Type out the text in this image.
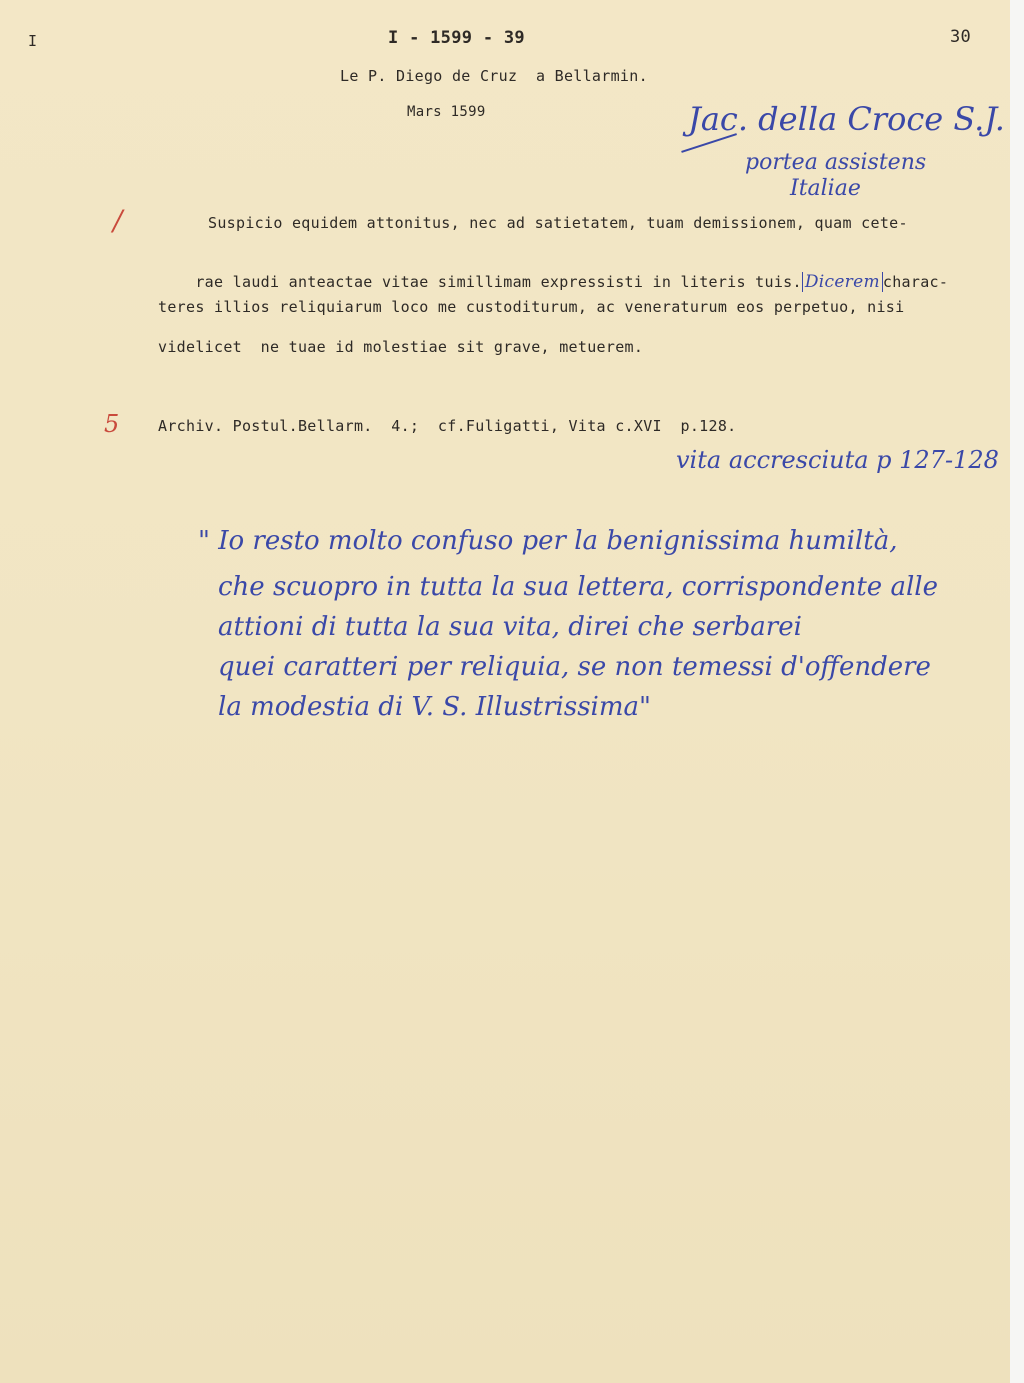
I	I - 1599 - 39	30
Le P. Diego de Cruz  a Bellarmin.
Mars 1599	Jac. della Croce S.J.
portea assistens
Italiae
/	Suspicio equidem attonitus, nec ad satietatem, tuam demissionem, quam cete-

rae laudi anteactae vitae simillimam expressisti in literis tuis. Dicerem charac-

teres illios reliquiarum loco me custoditurum, ac veneraturum eos perpetuo, nisi
videlicet  ne tuae id molestiae sit grave, metuerem.
5	Archiv. Postul.Bellarm.  4.;  cf.Fuligatti, Vita c.XVI  p.128.
vita accresciuta p 127-128
" Io resto molto confuso per la benignissima humiltà,
che scuopro in tutta la sua lettera, corrispondente alle
attioni di tutta la sua vita, direi che serbarei
quei caratteri per reliquia, se non temessi d'offendere
la modestia di V. S. Illustrissima"
